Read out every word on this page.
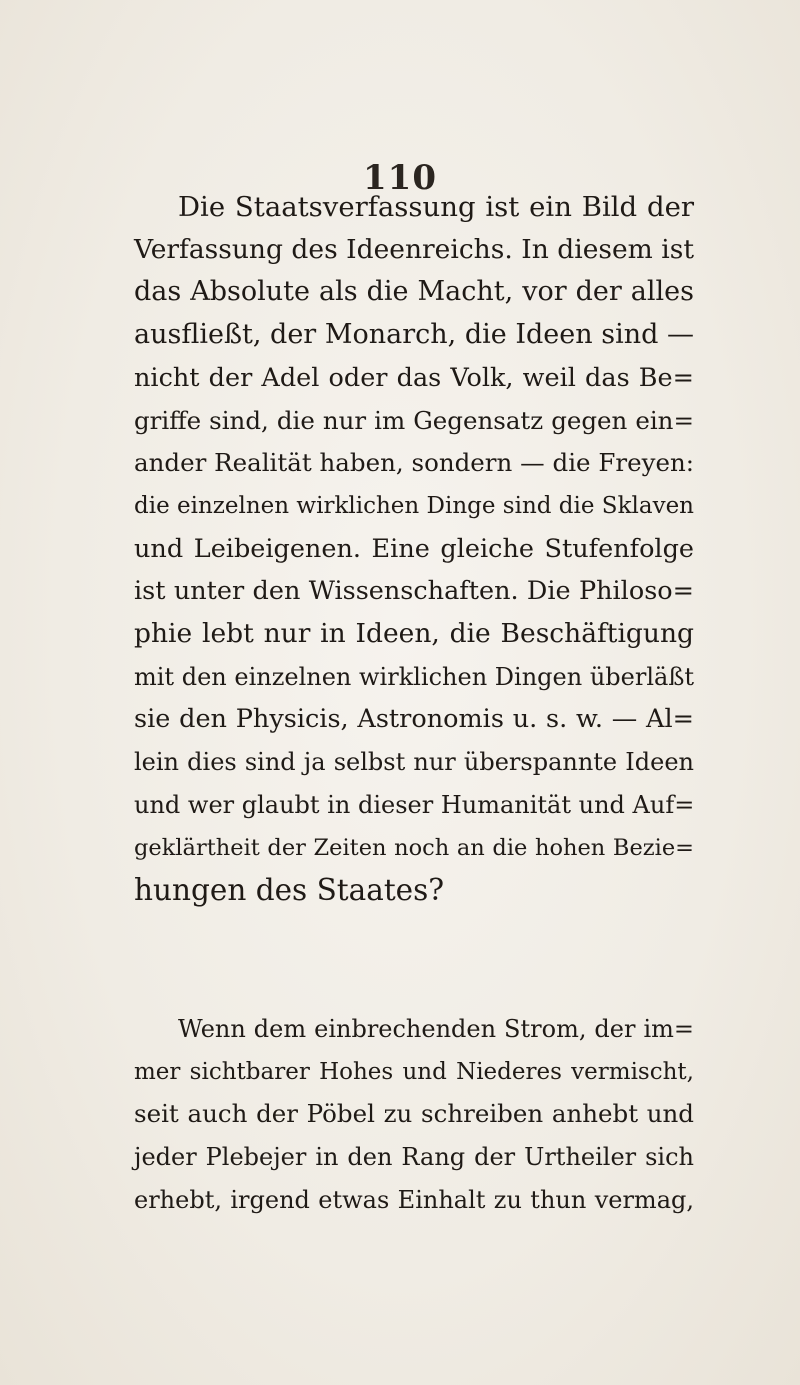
110
Die Staatsverfassung ist ein Bild der
Verfassung des Ideenreichs. In diesem ist
das Absolute als die Macht, vor der alles
ausfließt, der Monarch, die Ideen sind —
nicht der Adel oder das Volk, weil das Be=
griffe sind, die nur im Gegensatz gegen ein=
ander Realität haben, sondern — die Freyen:
die einzelnen wirklichen Dinge sind die Sklaven
und Leibeigenen. Eine gleiche Stufenfolge
ist unter den Wissenschaften. Die Philoso=
phie lebt nur in Ideen, die Beschäftigung
mit den einzelnen wirklichen Dingen überläßt
sie den Physicis, Astronomis u. s. w. — Al=
lein dies sind ja selbst nur überspannte Ideen
und wer glaubt in dieser Humanität und Auf=
geklärtheit der Zeiten noch an die hohen Bezie=
hungen des Staates?
Wenn dem einbrechenden Strom, der im=
mer sichtbarer Hohes und Niederes vermischt,
seit auch der Pöbel zu schreiben anhebt und
jeder Plebejer in den Rang der Urtheiler sich
erhebt, irgend etwas Einhalt zu thun vermag,
